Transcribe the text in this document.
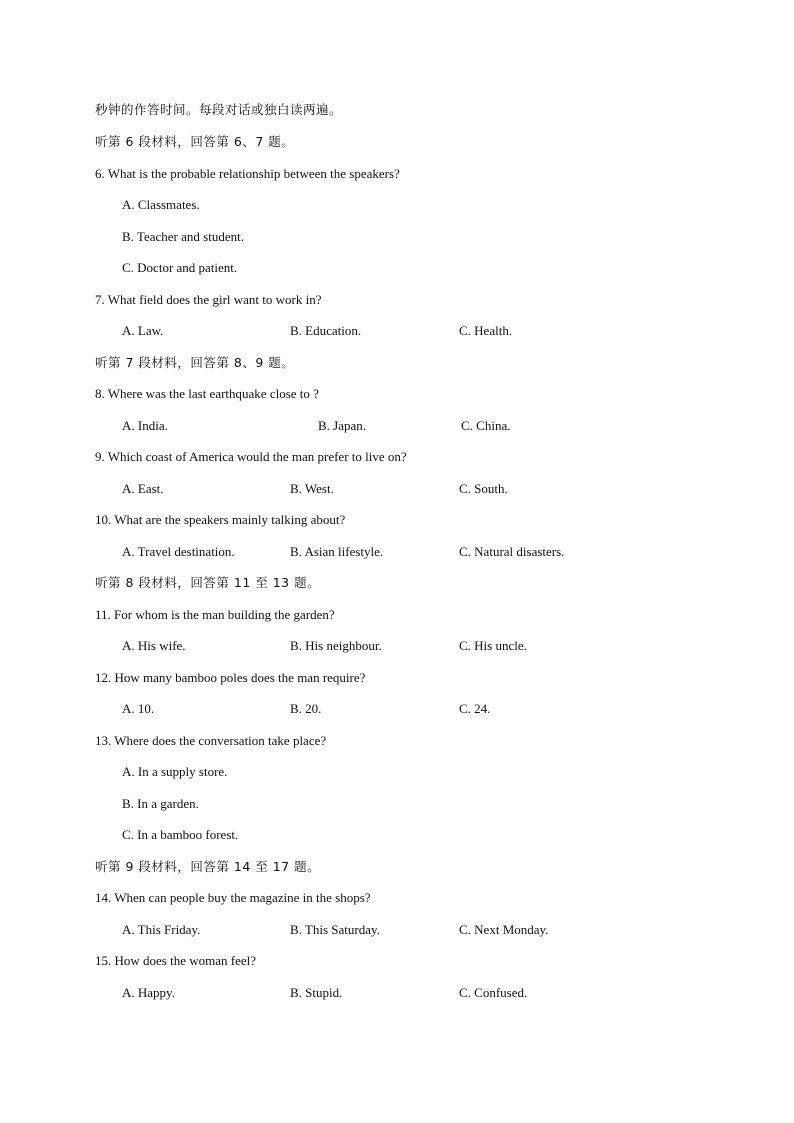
秒钟的作答时间。每段对话或独白读两遍。
听第 6 段材料，回答第 6、7 题。
6. What is the probable relationship between the speakers?
A. Classmates.
B. Teacher and student.
C. Doctor and patient.
7. What field does the girl want to work in?
A. Law.	B. Education.	C. Health.
听第 7 段材料，回答第 8、9 题。
8. Where was the last earthquake close to ?
A. India.	B. Japan.	C. China.
9. Which coast of America would the man prefer to live on?
A. East.	B. West.	C. South.
10. What are the speakers mainly talking about?
A. Travel destination.	B. Asian lifestyle.	C. Natural disasters.
听第 8 段材料，回答第 11 至 13 题。
11. For whom is the man building the garden?
A. His wife.	B. His neighbour.	C. His uncle.
12. How many bamboo poles does the man require?
A. 10.	B. 20.	C. 24.
13. Where does the conversation take place?
A. In a supply store.
B. In a garden.
C. In a bamboo forest.
听第 9 段材料，回答第 14 至 17 题。
14. When can people buy the magazine in the shops?
A. This Friday.	B. This Saturday.	C. Next Monday.
15. How does the woman feel?
A. Happy.	B. Stupid.	C. Confused.
